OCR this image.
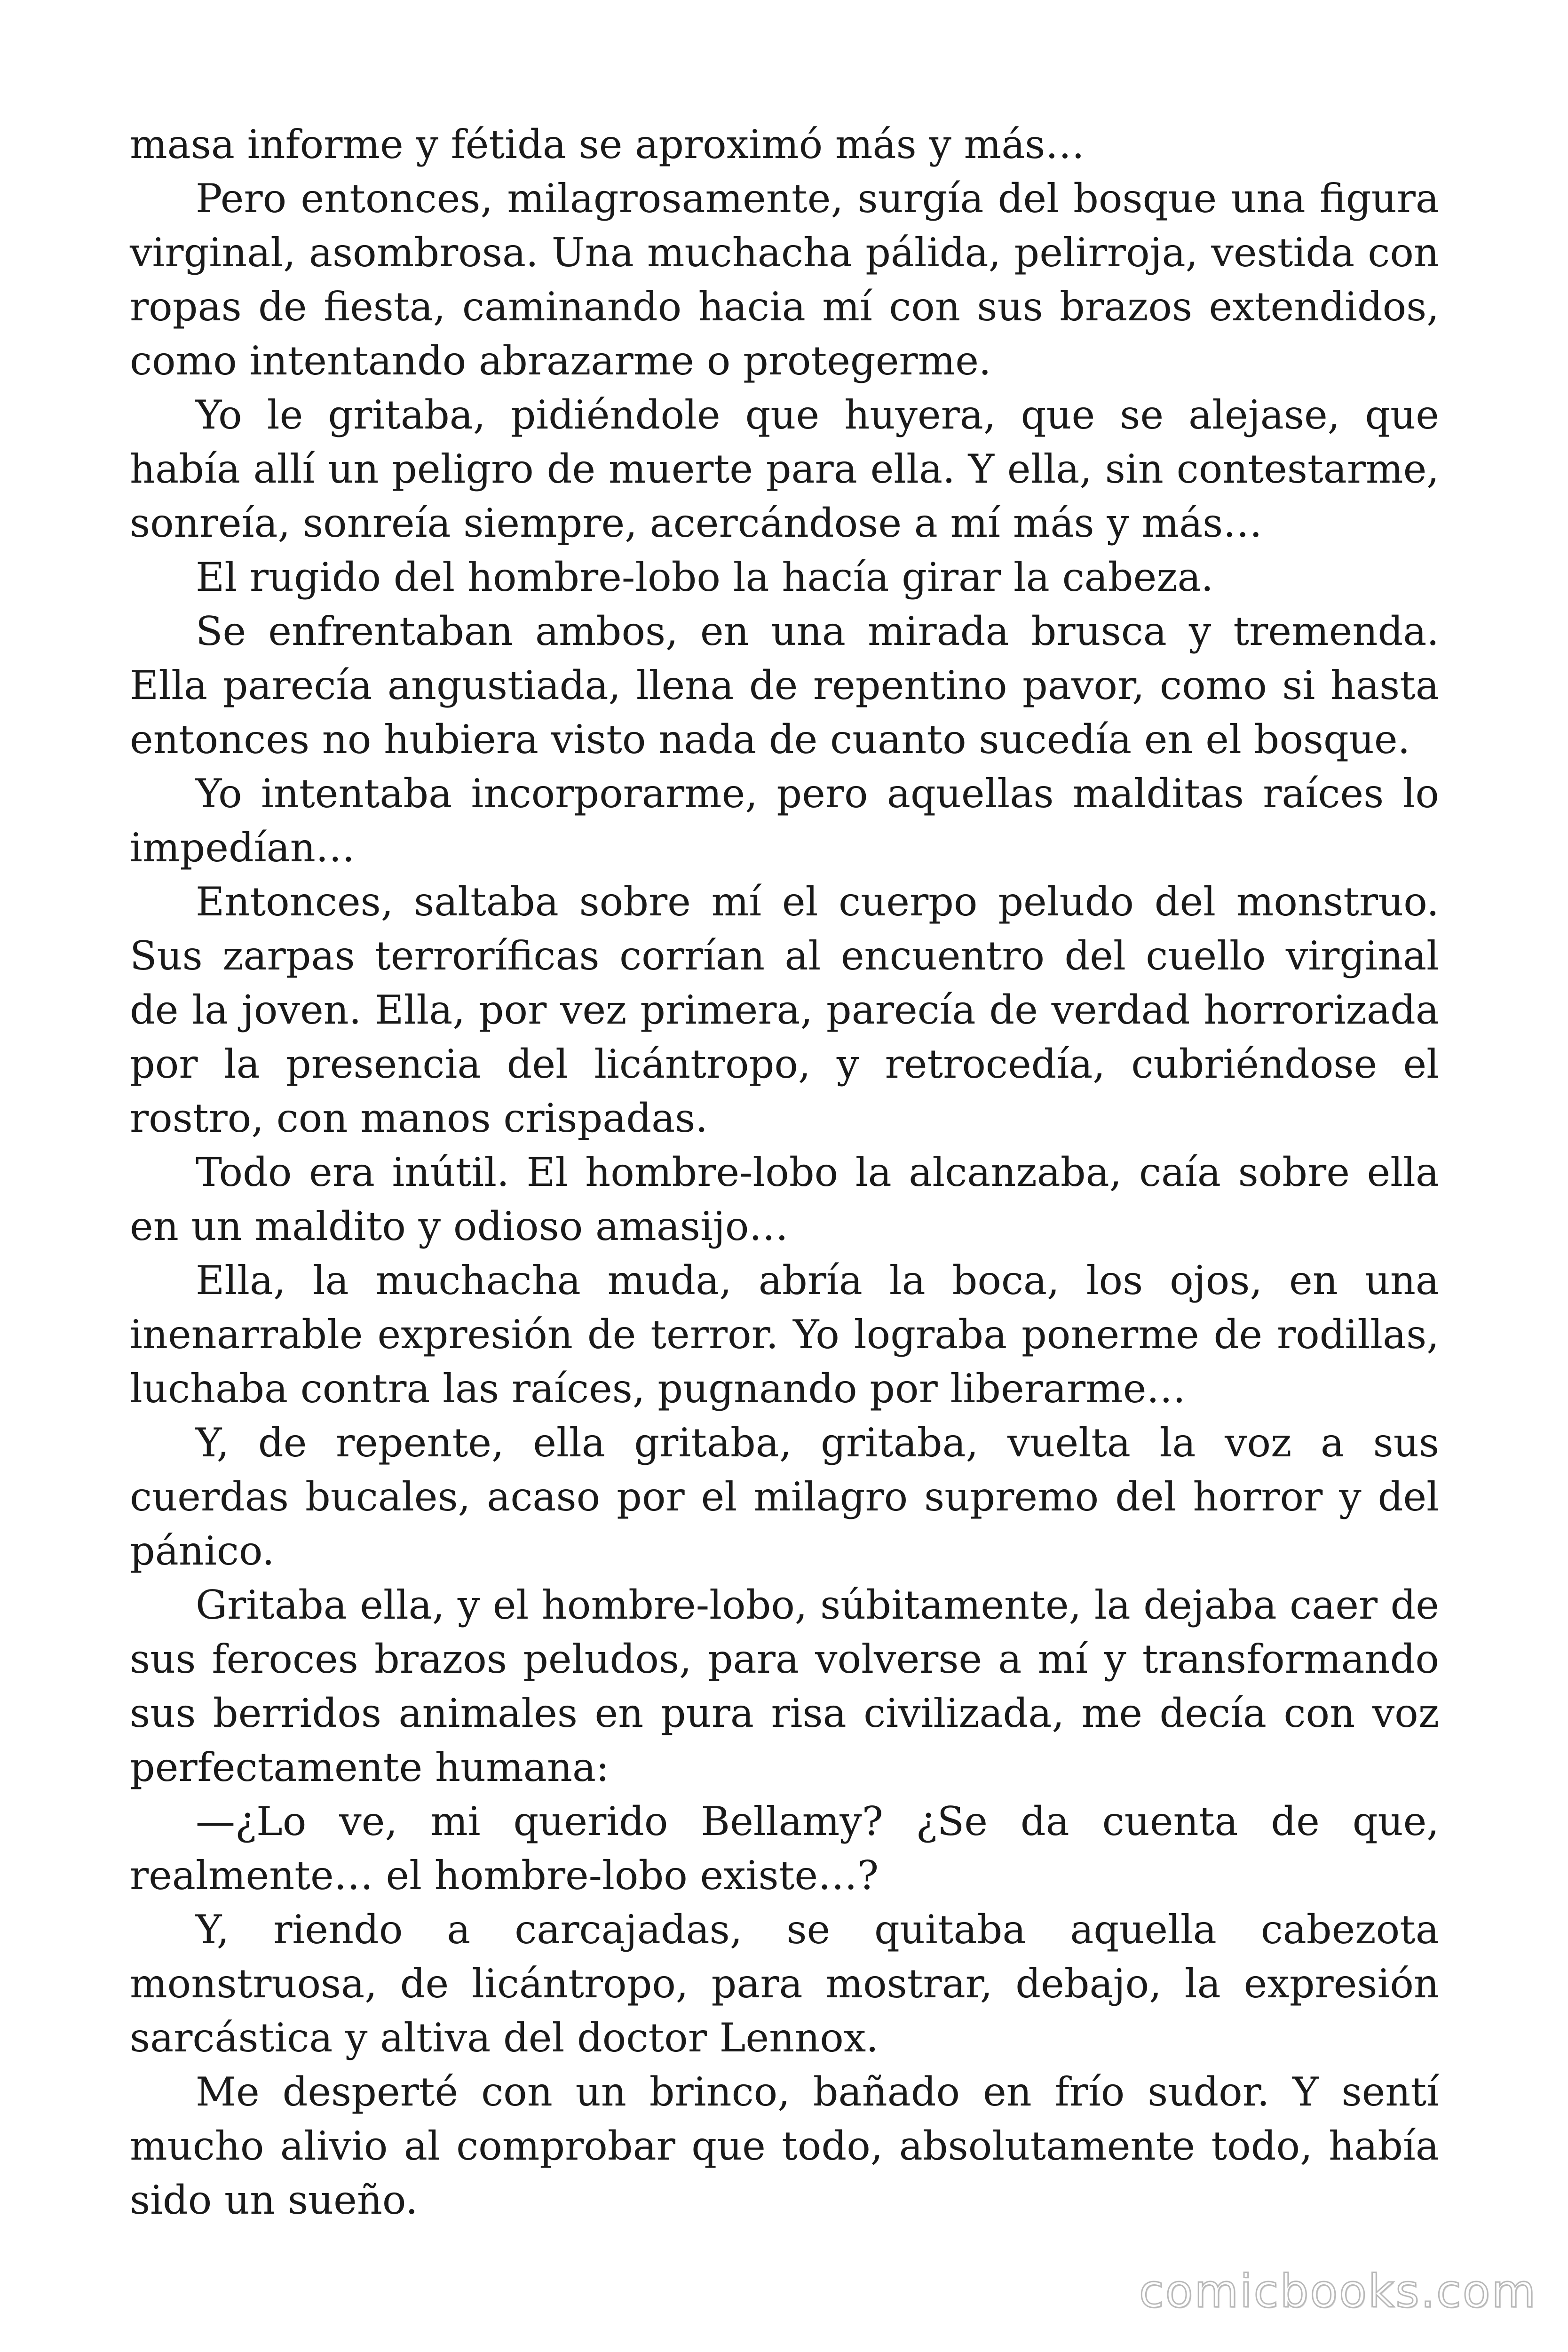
masa informe y fétida se aproximó más y más…

Pero entonces, milagrosamente, surgía del bosque una figura virginal, asombrosa. Una muchacha pálida, pelirroja, vestida con ropas de fiesta, caminando hacia mí con sus brazos extendidos, como intentando abrazarme o protegerme.

Yo le gritaba, pidiéndole que huyera, que se alejase, que había allí un peligro de muerte para ella. Y ella, sin contestarme, sonreía, sonreía siempre, acercándose a mí más y más…

El rugido del hombre-lobo la hacía girar la cabeza.

Se enfrentaban ambos, en una mirada brusca y tremenda. Ella parecía angustiada, llena de repentino pavor, como si hasta entonces no hubiera visto nada de cuanto sucedía en el bosque.

Yo intentaba incorporarme, pero aquellas malditas raíces lo impedían…

Entonces, saltaba sobre mí el cuerpo peludo del monstruo. Sus zarpas terroríficas corrían al encuentro del cuello virginal de la joven. Ella, por vez primera, parecía de verdad horrorizada por la presencia del licántropo, y retrocedía, cubriéndose el rostro, con manos crispadas.

Todo era inútil. El hombre-lobo la alcanzaba, caía sobre ella en un maldito y odioso amasijo…

Ella, la muchacha muda, abría la boca, los ojos, en una inenarrable expresión de terror. Yo lograba ponerme de rodillas, luchaba contra las raíces, pugnando por liberarme…

Y, de repente, ella gritaba, gritaba, vuelta la voz a sus cuerdas bucales, acaso por el milagro supremo del horror y del pánico.

Gritaba ella, y el hombre-lobo, súbitamente, la dejaba caer de sus feroces brazos peludos, para volverse a mí y transformando sus berridos animales en pura risa civilizada, me decía con voz perfectamente humana:

—¿Lo ve, mi querido Bellamy? ¿Se da cuenta de que, realmente… el hombre-lobo existe…?

Y, riendo a carcajadas, se quitaba aquella cabezota monstruosa, de licántropo, para mostrar, debajo, la expresión sarcástica y altiva del doctor Lennox.

Me desperté con un brinco, bañado en frío sudor. Y sentí mucho alivio al comprobar que todo, absolutamente todo, había sido un sueño.

comicbooks.com
